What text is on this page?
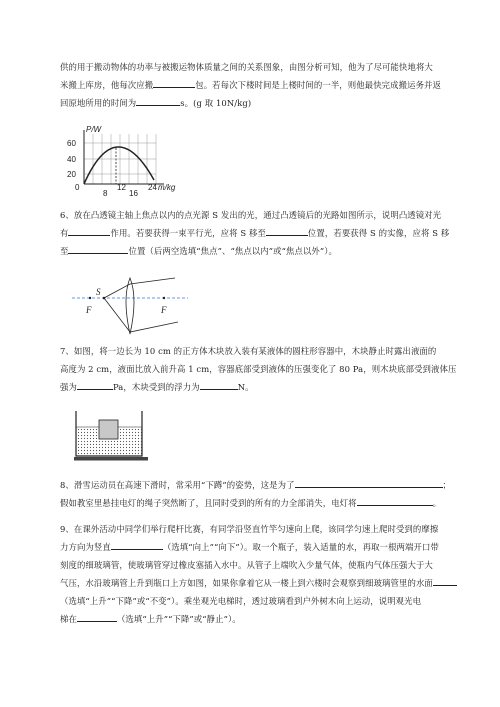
供的用于搬动物体的功率与被搬运物体质量之间的关系图象，由图分析可知，他为了尽可能快地将大
米搬上库房，他每次应搬	包。若每次下楼时间是上楼时间的一半，则他最快完成搬运务并返
回原地所用的时间为	s。(g 取 10N/kg)
P/W
60
40
20
0
8
12
16
24 m/kg
6、放在凸透镜主轴上焦点以内的点光源 S 发出的光，通过凸透镜后的光路如图所示，说明凸透镜对光
有	作用。若要获得一束平行光，应将 S 移至	位置，若要获得 S 的实像，应将 S 移
至	位置（后两空选填“焦点”、“焦点以内”或“焦点以外”）。
S
F	F
7、如图，将一边长为 10 cm 的正方体木块放入装有某液体的圆柱形容器中，木块静止时露出液面的
高度为 2 cm，液面比放入前升高 1 cm，容器底部受到液体的压强变化了 80 Pa，则木块底部受到液体压
强为	Pa，木块受到的浮力为	N。
8、滑雪运动员在高速下滑时，常采用“下蹲”的姿势，这是为了	；
假如教室里悬挂电灯的绳子突然断了，且同时受到的所有的力全部消失，电灯将	。
9、在课外活动中同学们举行爬杆比赛，有同学沿竖直竹竿匀速向上爬，该同学匀速上爬时受到的摩擦
力方向为竖直	（选填“向上”“向下”）。取一个瓶子，装入适量的水，再取一根两端开口带
刻度的细玻璃管，使玻璃管穿过橡皮塞插入水中。从管子上端吹入少量气体，使瓶内气体压强大于大
气压，水沿玻璃管上升到瓶口上方如图，如果你拿着它从一楼上到六楼时会观察到细玻璃管里的水面
（选填“上升”“下降”或“不变”）。乘坐观光电梯时，透过玻璃看到户外树木向上运动，说明观光电
梯在	（选填“上升”“下降”或“静止”）。
